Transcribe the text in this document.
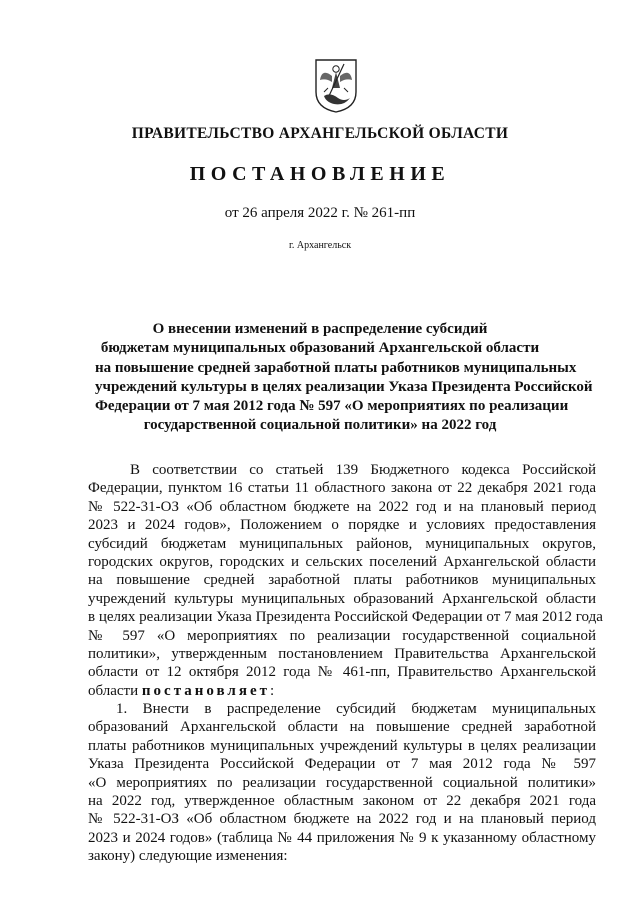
ПРАВИТЕЛЬСТВО АРХАНГЕЛЬСКОЙ ОБЛАСТИ
ПОСТАНОВЛЕНИЕ
от 26 апреля 2022 г. № 261-пп
г. Архангельск
О внесении изменений в распределение субсидий
бюджетам муниципальных образований Архангельской области
на повышение средней заработной платы работников муниципальных
учреждений культуры в целях реализации Указа Президента Российской
Федерации от 7 мая 2012 года № 597 «О мероприятиях по реализации
государственной социальной политики» на 2022 год
В соответствии со статьей 139 Бюджетного кодекса Российской
Федерации, пунктом 16 статьи 11 областного закона от 22 декабря 2021 года
№ 522-31-ОЗ «Об областном бюджете на 2022 год и на плановый период
2023 и 2024 годов», Положением о порядке и условиях предоставления
субсидий бюджетам муниципальных районов, муниципальных округов,
городских округов, городских и сельских поселений Архангельской области
на повышение средней заработной платы работников муниципальных
учреждений культуры муниципальных образований Архангельской области
в целях реализации Указа Президента Российской Федерации от 7 мая 2012 года
№ 597 «О мероприятиях по реализации государственной социальной
политики», утвержденным постановлением Правительства Архангельской
области от 12 октября 2012 года № 461-пп, Правительство Архангельской
области постановляет:
1. Внести в распределение субсидий бюджетам муниципальных
образований Архангельской области на повышение средней заработной
платы работников муниципальных учреждений культуры в целях реализации
Указа Президента Российской Федерации от 7 мая 2012 года № 597
«О мероприятиях по реализации государственной социальной политики»
на 2022 год, утвержденное областным законом от 22 декабря 2021 года
№ 522-31-ОЗ «Об областном бюджете на 2022 год и на плановый период
2023 и 2024 годов» (таблица № 44 приложения № 9 к указанному областному
закону) следующие изменения:
